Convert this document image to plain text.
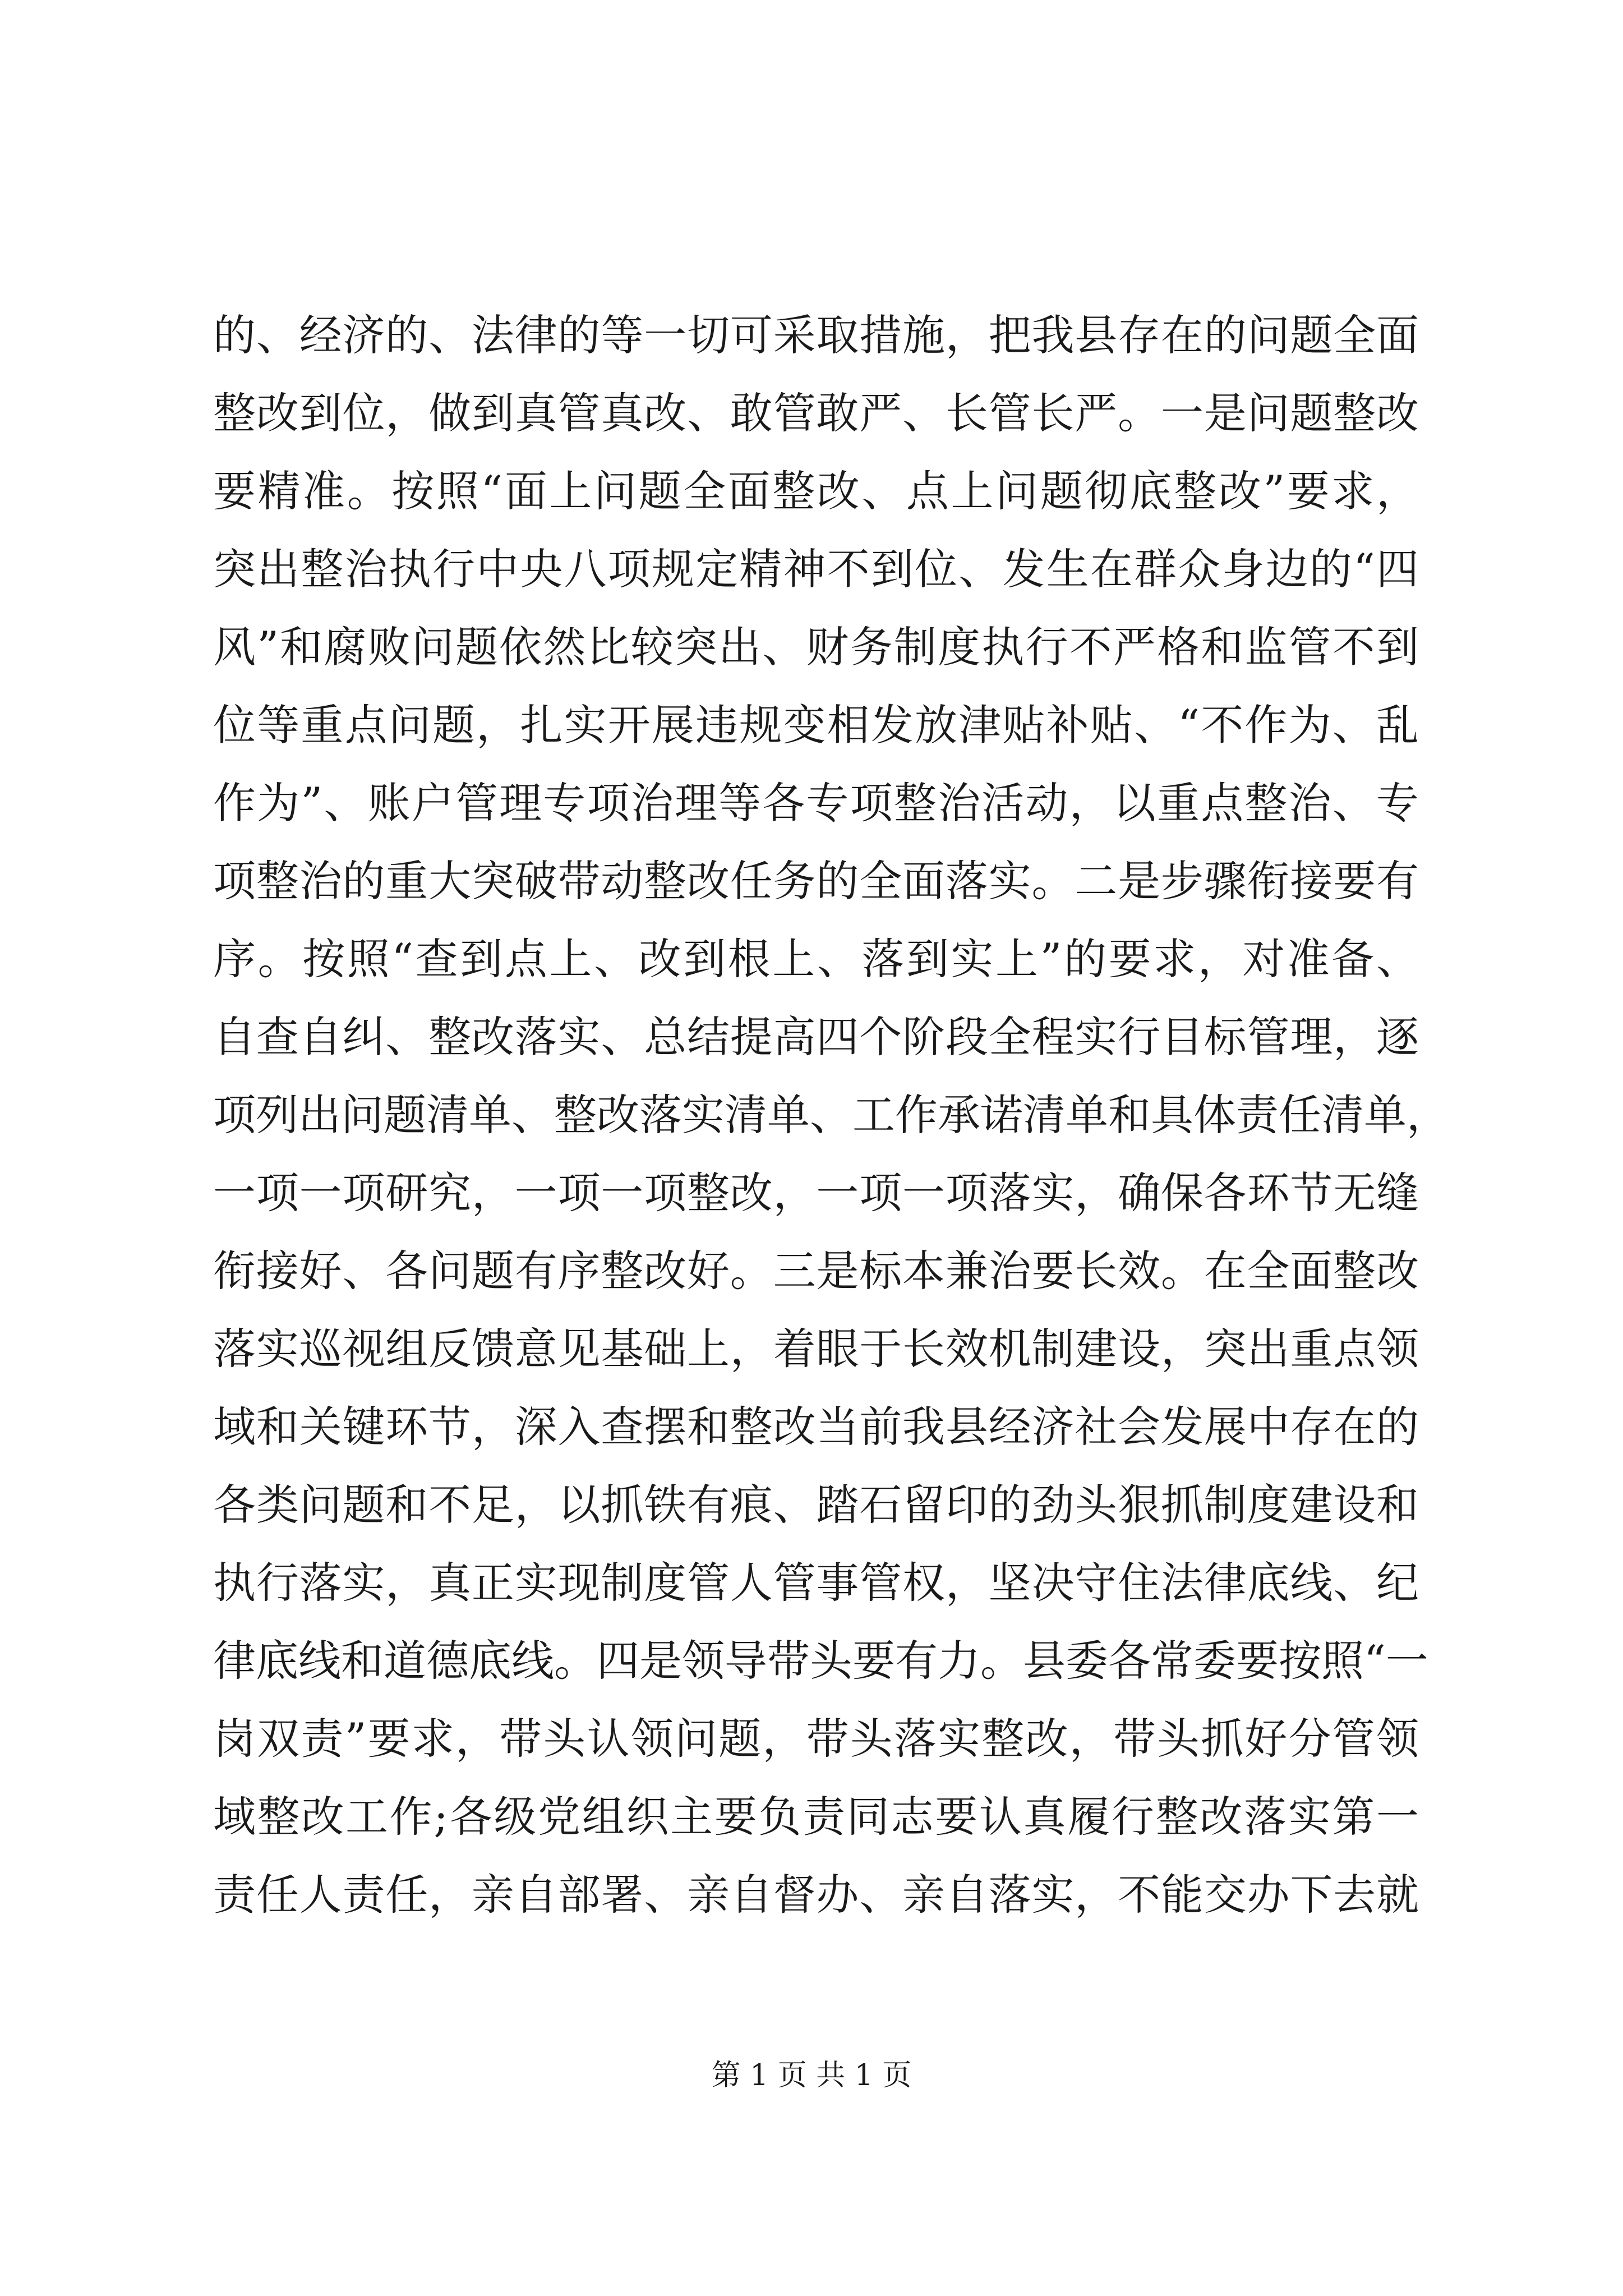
的、经济的、法律的等一切可采取措施，把我县存在的问题全面
整改到位，做到真管真改、敢管敢严、长管长严。一是问题整改
要精准。按照“面上问题全面整改、点上问题彻底整改”要求，
突出整治执行中央八项规定精神不到位、发生在群众身边的“四
风”和腐败问题依然比较突出、财务制度执行不严格和监管不到
位等重点问题，扎实开展违规变相发放津贴补贴、“不作为、乱
作为”、账户管理专项治理等各专项整治活动，以重点整治、专
项整治的重大突破带动整改任务的全面落实。二是步骤衔接要有
序。按照“查到点上、改到根上、落到实上”的要求，对准备、
自查自纠、整改落实、总结提高四个阶段全程实行目标管理，逐
项列出问题清单、整改落实清单、工作承诺清单和具体责任清单，
一项一项研究，一项一项整改，一项一项落实，确保各环节无缝
衔接好、各问题有序整改好。三是标本兼治要长效。在全面整改
落实巡视组反馈意见基础上，着眼于长效机制建设，突出重点领
域和关键环节，深入查摆和整改当前我县经济社会发展中存在的
各类问题和不足，以抓铁有痕、踏石留印的劲头狠抓制度建设和
执行落实，真正实现制度管人管事管权，坚决守住法律底线、纪
律底线和道德底线。四是领导带头要有力。县委各常委要按照“一
岗双责”要求，带头认领问题，带头落实整改，带头抓好分管领
域整改工作;各级党组织主要负责同志要认真履行整改落实第一
责任人责任，亲自部署、亲自督办、亲自落实，不能交办下去就
第 1 页 共 1 页
